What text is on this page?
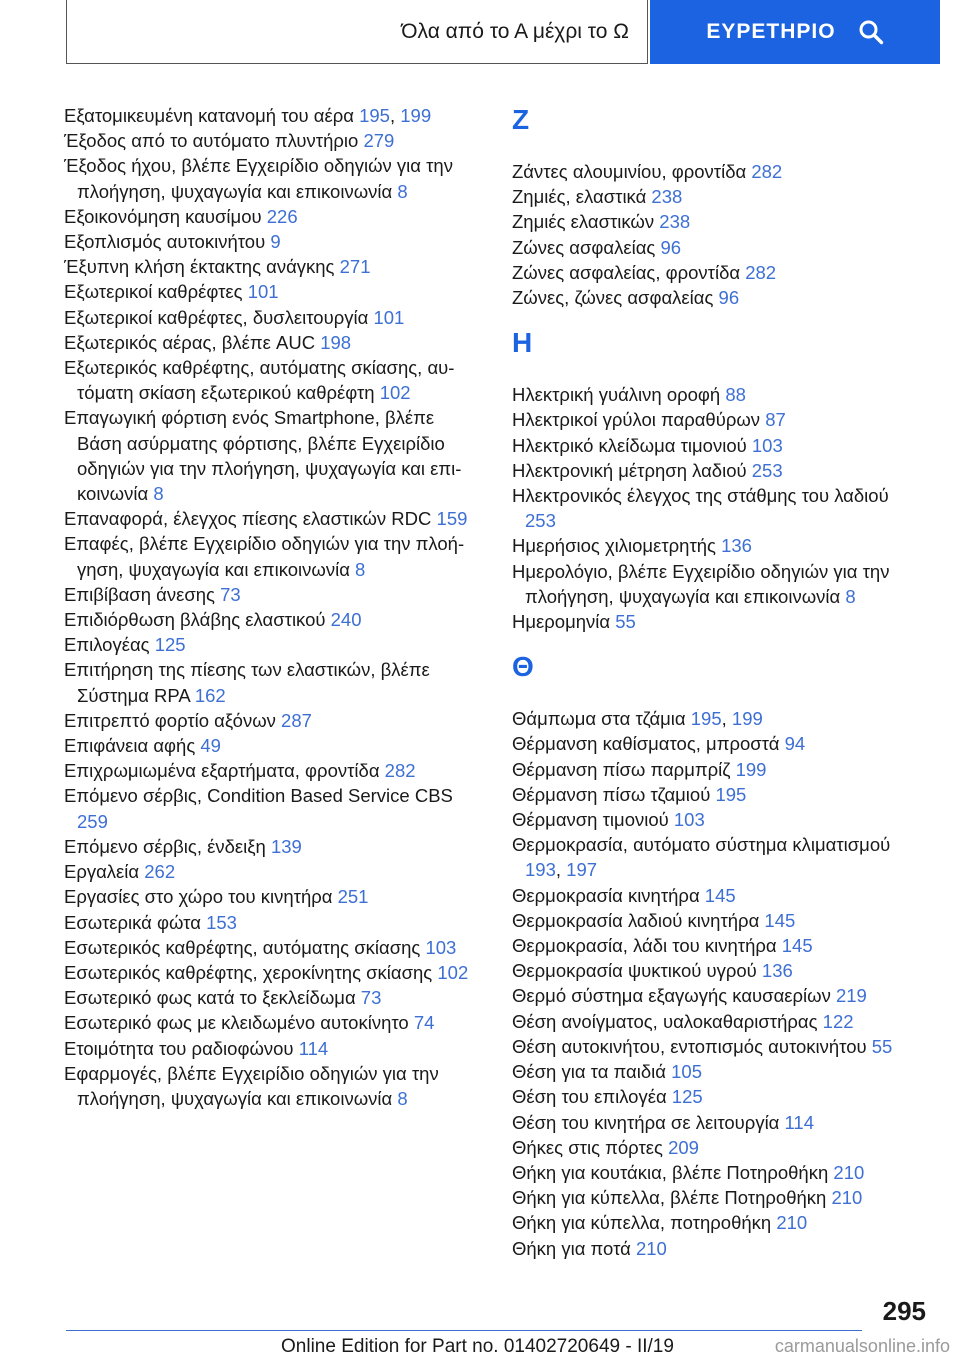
Όλα από το Α μέχρι το Ω	ΕΥΡΕΤΗΡΙΟ

Εξατομικευμένη κατανομή του αέρα 195, 199

Έξοδος από το αυτόματο πλυντήριο 279

Έξοδος ήχου, βλέπε Εγχειρίδιο οδηγιών για την πλοήγηση, ψυχαγωγία και επικοινωνία 8

Εξοικονόμηση καυσίμου 226

Εξοπλισμός αυτοκινήτου 9

Έξυπνη κλήση έκτακτης ανάγκης 271

Εξωτερικοί καθρέφτες 101

Εξωτερικοί καθρέφτες, δυσλειτουργία 101

Εξωτερικός αέρας, βλέπε AUC 198

Εξωτερικός καθρέφτης, αυτόματης σκίασης, αυτόματη σκίαση εξωτερικού καθρέφτη 102

Επαγωγική φόρτιση ενός Smartphone, βλέπε Βάση ασύρματης φόρτισης, βλέπε Εγχειρίδιο οδηγιών για την πλοήγηση, ψυχαγωγία και επικοινωνία 8

Επαναφορά, έλεγχος πίεσης ελαστικών RDC 159

Επαφές, βλέπε Εγχειρίδιο οδηγιών για την πλοήγηση, ψυχαγωγία και επικοινωνία 8

Επιβίβαση άνεσης 73

Επιδιόρθωση βλάβης ελαστικού 240

Επιλογέας 125

Επιτήρηση της πίεσης των ελαστικών, βλέπε Σύστημα RPA 162

Επιτρεπτό φορτίο αξόνων 287

Επιφάνεια αφής 49

Επιχρωμιωμένα εξαρτήματα, φροντίδα 282

Επόμενο σέρβις, Condition Based Service CBS 259

Επόμενο σέρβις, ένδειξη 139

Εργαλεία 262

Εργασίες στο χώρο του κινητήρα 251

Εσωτερικά φώτα 153

Εσωτερικός καθρέφτης, αυτόματης σκίασης 103

Εσωτερικός καθρέφτης, χεροκίνητης σκίασης 102

Εσωτερικό φως κατά το ξεκλείδωμα 73

Εσωτερικό φως με κλειδωμένο αυτοκίνητο 74

Ετοιμότητα του ραδιοφώνου 114

Εφαρμογές, βλέπε Εγχειρίδιο οδηγιών για την πλοήγηση, ψυχαγωγία και επικοινωνία 8

Z

Ζάντες αλουμινίου, φροντίδα 282

Ζημιές, ελαστικά 238

Ζημιές ελαστικών 238

Ζώνες ασφαλείας 96

Ζώνες ασφαλείας, φροντίδα 282

Ζώνες, ζώνες ασφαλείας 96

H

Ηλεκτρική γυάλινη οροφή 88

Ηλεκτρικοί γρύλοι παραθύρων 87

Ηλεκτρικό κλείδωμα τιμονιού 103

Ηλεκτρονική μέτρηση λαδιού 253

Ηλεκτρονικός έλεγχος της στάθμης του λαδιού 253

Ημερήσιος χιλιομετρητής 136

Ημερολόγιο, βλέπε Εγχειρίδιο οδηγιών για την πλοήγηση, ψυχαγωγία και επικοινωνία 8

Ημερομηνία 55

Θ

Θάμπωμα στα τζάμια 195, 199

Θέρμανση καθίσματος, μπροστά 94

Θέρμανση πίσω παρμπρίζ 199

Θέρμανση πίσω τζαμιού 195

Θέρμανση τιμονιού 103

Θερμοκρασία, αυτόματο σύστημα κλιματισμού 193, 197

Θερμοκρασία κινητήρα 145

Θερμοκρασία λαδιού κινητήρα 145

Θερμοκρασία, λάδι του κινητήρα 145

Θερμοκρασία ψυκτικού υγρού 136

Θερμό σύστημα εξαγωγής καυσαερίων 219

Θέση ανοίγματος, υαλοκαθαριστήρας 122

Θέση αυτοκινήτου, εντοπισμός αυτοκινήτου 55

Θέση για τα παιδιά 105

Θέση του επιλογέα 125

Θέση του κινητήρα σε λειτουργία 114

Θήκες στις πόρτες 209

Θήκη για κουτάκια, βλέπε Ποτηροθήκη 210

Θήκη για κύπελλα, βλέπε Ποτηροθήκη 210

Θήκη για κύπελλα, ποτηροθήκη 210

Θήκη για ποτά 210

295
Online Edition for Part no. 01402720649 - II/19	carmanualsonline.info
